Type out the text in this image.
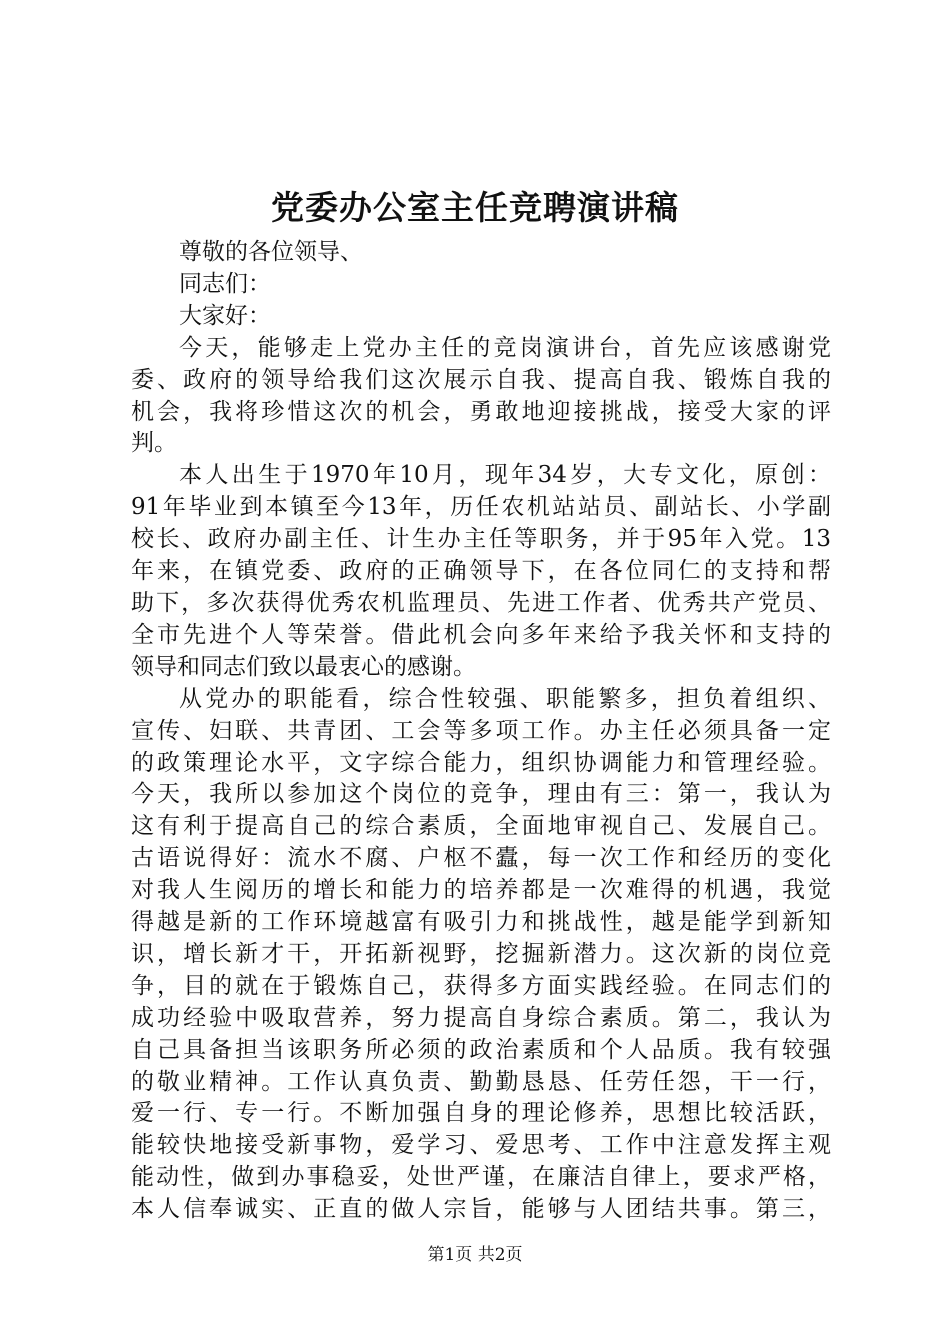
党委办公室主任竞聘演讲稿
尊敬的各位领导、
同志们：
大家好：
今天，能够走上党办主任的竞岗演讲台，首先应该感谢党
委、政府的领导给我们这次展示自我、提高自我、锻炼自我的
机会，我将珍惜这次的机会，勇敢地迎接挑战，接受大家的评
判。
本人出生于1970年10月，现年34岁，大专文化，原创：
91年毕业到本镇至今13年，历任农机站站员、副站长、小学副
校长、政府办副主任、计生办主任等职务，并于95年入党。13
年来，在镇党委、政府的正确领导下，在各位同仁的支持和帮
助下，多次获得优秀农机监理员、先进工作者、优秀共产党员、
全市先进个人等荣誉。借此机会向多年来给予我关怀和支持的
领导和同志们致以最衷心的感谢。
从党办的职能看，综合性较强、职能繁多，担负着组织、
宣传、妇联、共青团、工会等多项工作。办主任必须具备一定
的政策理论水平，文字综合能力，组织协调能力和管理经验。
今天，我所以参加这个岗位的竞争，理由有三：第一，我认为
这有利于提高自己的综合素质，全面地审视自己、发展自己。
古语说得好：流水不腐、户枢不蠹，每一次工作和经历的变化
对我人生阅历的增长和能力的培养都是一次难得的机遇，我觉
得越是新的工作环境越富有吸引力和挑战性，越是能学到新知
识，增长新才干，开拓新视野，挖掘新潜力。这次新的岗位竞
争，目的就在于锻炼自己，获得多方面实践经验。在同志们的
成功经验中吸取营养，努力提高自身综合素质。第二，我认为
自己具备担当该职务所必须的政治素质和个人品质。我有较强
的敬业精神。工作认真负责、勤勤恳恳、任劳任怨，干一行，
爱一行、专一行。不断加强自身的理论修养，思想比较活跃，
能较快地接受新事物，爱学习、爱思考、工作中注意发挥主观
能动性，做到办事稳妥，处世严谨，在廉洁自律上，要求严格，
本人信奉诚实、正直的做人宗旨，能够与人团结共事。第三，
第1页 共2页
